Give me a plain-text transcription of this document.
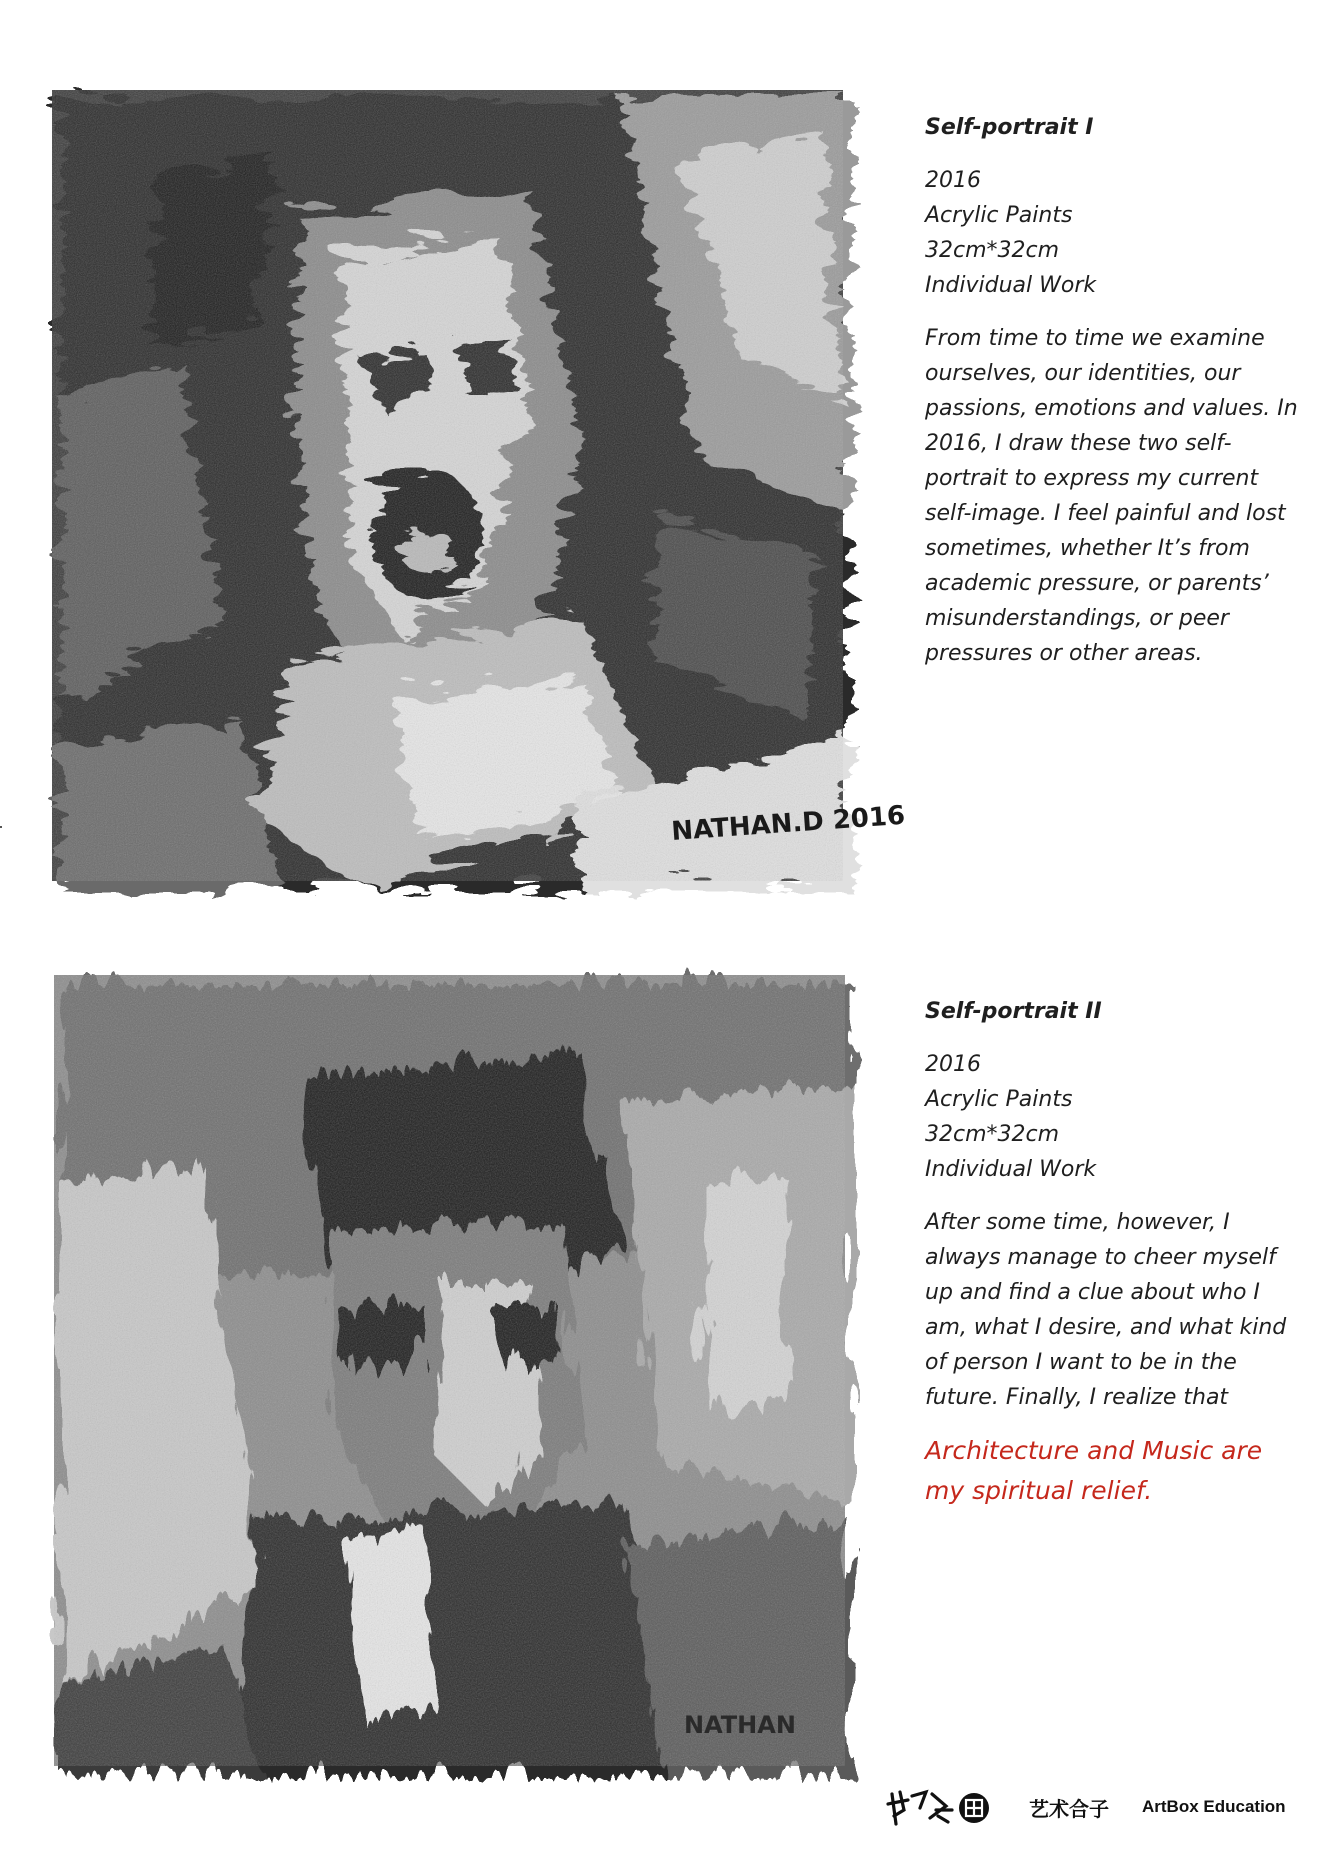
NATHAN.D 2016
Self-portrait I
2016
Acrylic Paints
32cm*32cm
Individual Work

From time to time we examine ourselves, our identities, our passions, emotions and values. In 2016, I draw these two self-portrait to express my current self-image. I feel painful and lost sometimes, whether It’s from academic pressure, or parents’ misunderstandings, or peer pressures or other areas.

NATHAN
Self-portrait II
2016
Acrylic Paints
32cm*32cm
Individual Work

After some time, however, I always manage to cheer myself up and find a clue about who I am, what I desire, and what kind of person I want to be in the future. Finally, I realize that

Architecture and Music are my spiritual relief.
艺术合子 ArtBox Education
